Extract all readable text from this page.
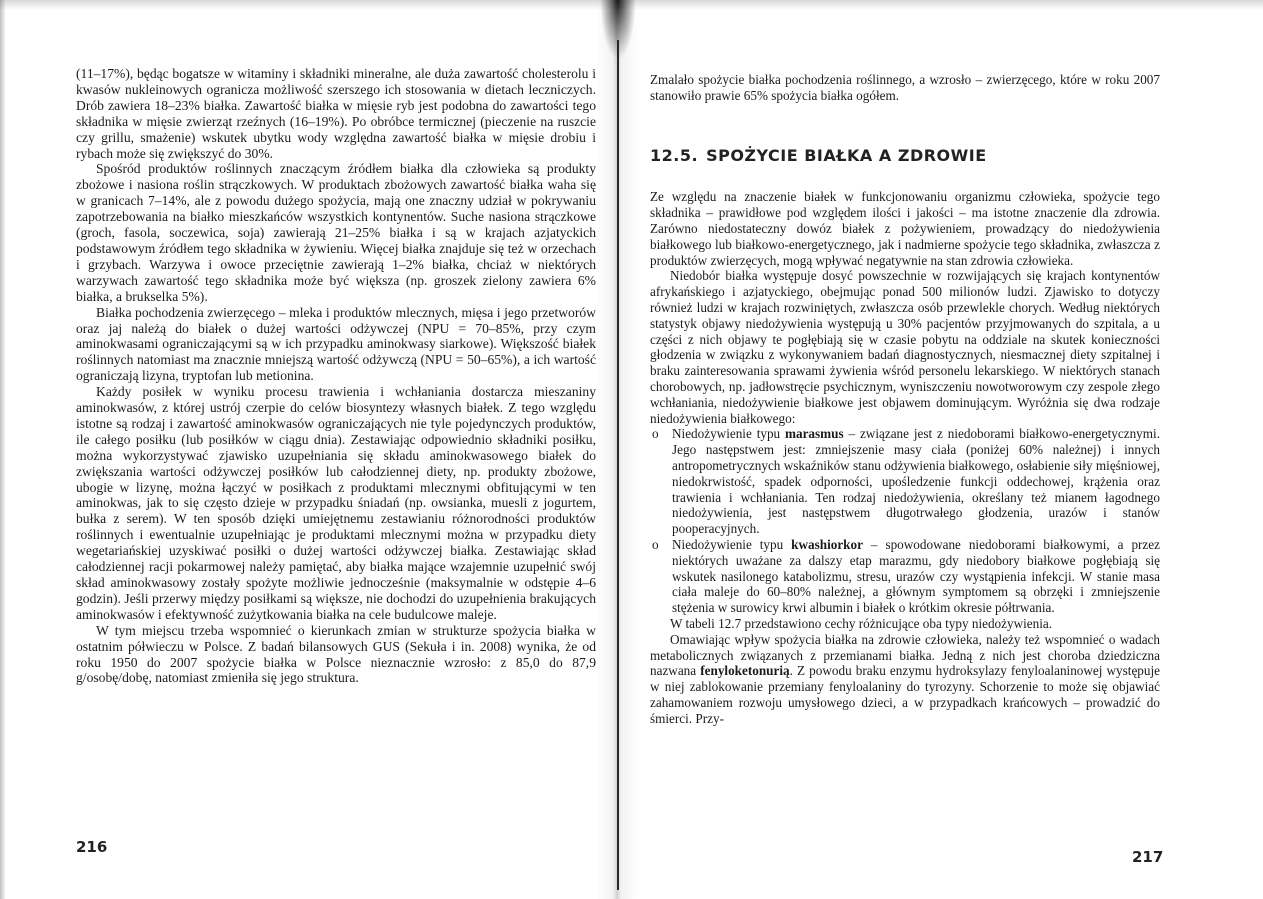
(11–17%), będąc bogatsze w witaminy i składniki mineralne, ale duża zawartość cholesterolu i kwasów nukleinowych ogranicza możliwość szerszego ich stosowania w dietach leczniczych. Drób zawiera 18–23% białka. Zawartość białka w mięsie ryb jest podobna do zawartości tego składnika w mięsie zwierząt rzeźnych (16–19%). Po obróbce termicznej (pieczenie na ruszcie czy grillu, smażenie) wskutek ubytku wody względna zawartość białka w mięsie drobiu i rybach może się zwiększyć do 30%.

Spośród produktów roślinnych znaczącym źródłem białka dla człowieka są produkty zbożowe i nasiona roślin strączkowych. W produktach zbożowych zawartość białka waha się w granicach 7–14%, ale z powodu dużego spożycia, mają one znaczny udział w pokrywaniu zapotrzebowania na białko mieszkańców wszystkich kontynentów. Suche nasiona strączkowe (groch, fasola, soczewica, soja) zawierają 21–25% białka i są w krajach azjatyckich podstawowym źródłem tego składnika w żywieniu. Więcej białka znajduje się też w orzechach i grzybach. Warzywa i owoce przeciętnie zawierają 1–2% białka, chciaż w niektórych warzywach zawartość tego składnika może być większa (np. groszek zielony zawiera 6% białka, a brukselka 5%).

Białka pochodzenia zwierzęcego – mleka i produktów mlecznych, mięsa i jego przetworów oraz jaj należą do białek o dużej wartości odżywczej (NPU = 70–85%, przy czym aminokwasami ograniczającymi są w ich przypadku aminokwasy siarkowe). Większość białek roślinnych natomiast ma znacznie mniejszą wartość odżywczą (NPU = 50–65%), a ich wartość ograniczają lizyna, tryptofan lub metionina.

Każdy posiłek w wyniku procesu trawienia i wchłaniania dostarcza mieszaniny aminokwasów, z której ustrój czerpie do celów biosyntezy własnych białek. Z tego względu istotne są rodzaj i zawartość aminokwasów ograniczających nie tyle pojedynczych produktów, ile całego posiłku (lub posiłków w ciągu dnia). Zestawiając odpowiednio składniki posiłku, można wykorzystywać zjawisko uzupełniania się składu aminokwasowego białek do zwiększania wartości odżywczej posiłków lub całodziennej diety, np. produkty zbożowe, ubogie w lizynę, można łączyć w posiłkach z produktami mlecznymi obfitującymi w ten aminokwas, jak to się często dzieje w przypadku śniadań (np. owsianka, muesli z jogurtem, bułka z serem). W ten sposób dzięki umiejętnemu zestawianiu różnorodności produktów roślinnych i ewentualnie uzupełniając je produktami mlecznymi można w przypadku diety wegetariańskiej uzyskiwać posiłki o dużej wartości odżywczej białka. Zestawiając skład całodziennej racji pokarmowej należy pamiętać, aby białka mające wzajemnie uzupełnić swój skład aminokwasowy zostały spożyte możliwie jednocześnie (maksymalnie w odstępie 4–6 godzin). Jeśli przerwy między posiłkami są większe, nie dochodzi do uzupełnienia brakujących aminokwasów i efektywność zużytkowania białka na cele budulcowe maleje.

W tym miejscu trzeba wspomnieć o kierunkach zmian w strukturze spożycia białka w ostatnim półwieczu w Polsce. Z badań bilansowych GUS (Sekuła i in. 2008) wynika, że od roku 1950 do 2007 spożycie białka w Polsce nieznacznie wzrosło: z 85,0 do 87,9 g/osobę/dobę, natomiast zmieniła się jego struktura.

216

Zmalało spożycie białka pochodzenia roślinnego, a wzrosło – zwierzęcego, które w roku 2007 stanowiło prawie 65% spożycia białka ogółem.

12.5. SPOŻYCIE BIAŁKA A ZDROWIE

Ze względu na znaczenie białek w funkcjonowaniu organizmu człowieka, spożycie tego składnika – prawidłowe pod względem ilości i jakości – ma istotne znaczenie dla zdrowia. Zarówno niedostateczny dowóz białek z pożywieniem, prowadzący do niedożywienia białkowego lub białkowo-energetycznego, jak i nadmierne spożycie tego składnika, zwłaszcza z produktów zwierzęcych, mogą wpływać negatywnie na stan zdrowia człowieka.

Niedobór białka występuje dosyć powszechnie w rozwijających się krajach kontynentów afrykańskiego i azjatyckiego, obejmując ponad 500 milionów ludzi. Zjawisko to dotyczy również ludzi w krajach rozwiniętych, zwłaszcza osób przewlekle chorych. Według niektórych statystyk objawy niedożywienia występują u 30% pacjentów przyjmowanych do szpitala, a u części z nich objawy te pogłębiają się w czasie pobytu na oddziale na skutek konieczności głodzenia w związku z wykonywaniem badań diagnostycznych, niesmacznej diety szpitalnej i braku zainteresowania sprawami żywienia wśród personelu lekarskiego. W niektórych stanach chorobowych, np. jadłowstręcie psychicznym, wyniszczeniu nowotworowym czy zespole złego wchłaniania, niedożywienie białkowe jest objawem dominującym. Wyróżnia się dwa rodzaje niedożywienia białkowego:

o Niedożywienie typu marasmus – związane jest z niedoborami białkowo-energetycznymi. Jego następstwem jest: zmniejszenie masy ciała (poniżej 60% należnej) i innych antropometrycznych wskaźników stanu odżywienia białkowego, osłabienie siły mięśniowej, niedokrwistość, spadek odporności, upośledzenie funkcji oddechowej, krążenia oraz trawienia i wchłaniania. Ten rodzaj niedożywienia, określany też mianem łagodnego niedożywienia, jest następstwem długotrwałego głodzenia, urazów i stanów pooperacyjnych.
o Niedożywienie typu kwashiorkor – spowodowane niedoborami białkowymi, a przez niektórych uważane za dalszy etap marazmu, gdy niedobory białkowe pogłębiają się wskutek nasilonego katabolizmu, stresu, urazów czy wystąpienia infekcji. W stanie masa ciała maleje do 60–80% należnej, a głównym symptomem są obrzęki i zmniejszenie stężenia w surowicy krwi albumin i białek o krótkim okresie półtrwania.

W tabeli 12.7 przedstawiono cechy różnicujące oba typy niedożywienia.

Omawiając wpływ spożycia białka na zdrowie człowieka, należy też wspomnieć o wadach metabolicznych związanych z przemianami białka. Jedną z nich jest choroba dziedziczna nazwana fenyloketonurią. Z powodu braku enzymu hydroksylazy fenyloalaninowej występuje w niej zablokowanie przemiany fenyloalaniny do tyrozyny. Schorzenie to może się objawiać zahamowaniem rozwoju umysłowego dzieci, a w przypadkach krańcowych – prowadzić do śmierci. Przy-

217
